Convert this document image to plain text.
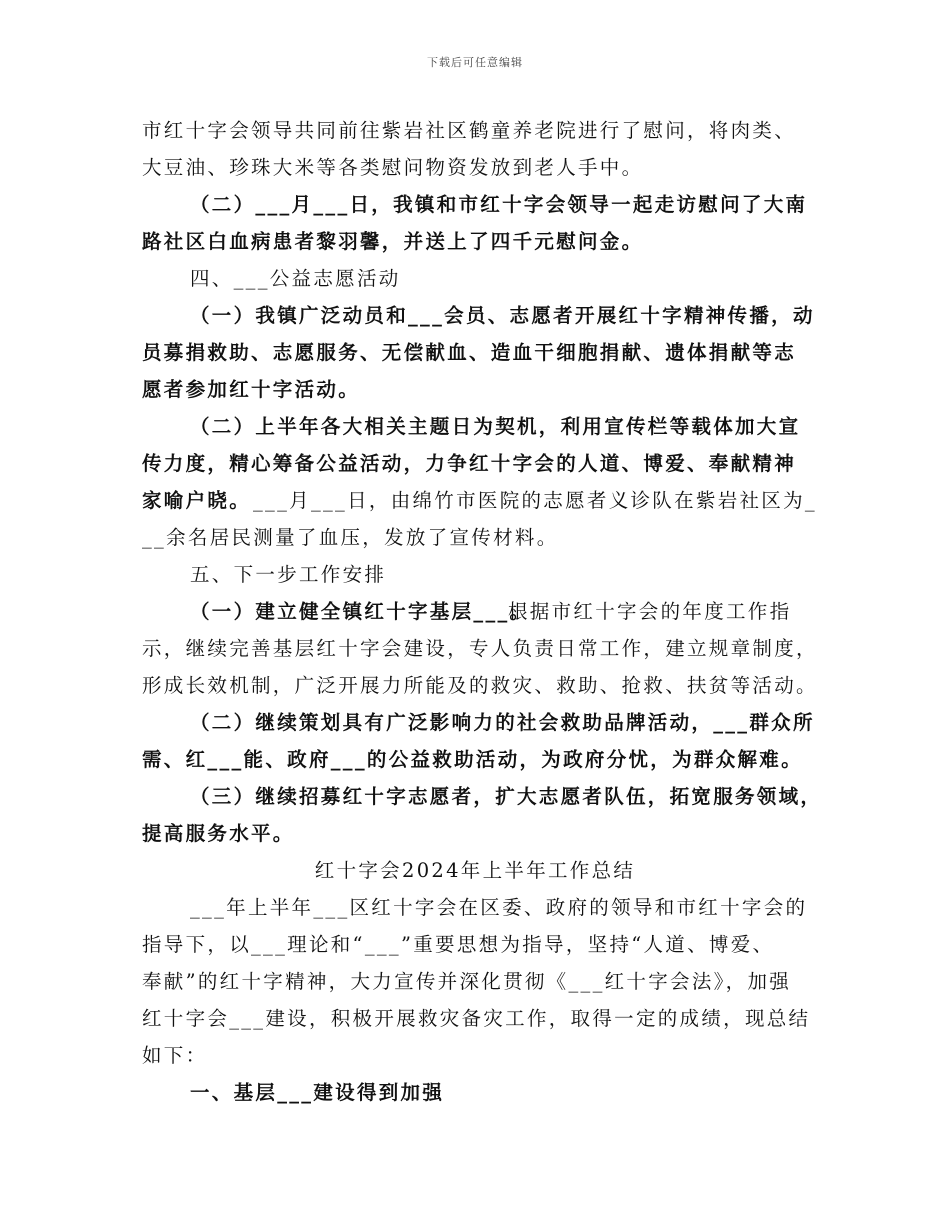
下载后可任意编辑

市红十字会领导共同前往紫岩社区鹤童养老院进行了慰问，将肉类、

大豆油、珍珠大米等各类慰问物资发放到老人手中。

（二）___月___日，我镇和市红十字会领导一起走访慰问了大南

路社区白血病患者黎羽馨，并送上了四千元慰问金。

四、___公益志愿活动

（一）我镇广泛动员和___会员、志愿者开展红十字精神传播，动

员募捐救助、志愿服务、无偿献血、造血干细胞捐献、遗体捐献等志

愿者参加红十字活动。

（二）上半年各大相关主题日为契机，利用宣传栏等载体加大宣

传力度，精心筹备公益活动，力争红十字会的人道、博爱、奉献精神

家喻户晓。 ___月___日，由绵竹市医院的志愿者义诊队在紫岩社区为_

__余名居民测量了血压，发放了宣传材料。

五、下一步工作安排

（一）建立健全镇红十字基层___。

根据市红十字会的年度工作指

示，继续完善基层红十字会建设，专人负责日常工作，建立规章制度，

形成长效机制，广泛开展力所能及的救灾、救助、抢救、扶贫等活动。

（二）继续策划具有广泛影响力的社会救助品牌活动，___群众所

需、红___能、政府___的公益救助活动，为政府分忧，为群众解难。

（三）继续招募红十字志愿者，扩大志愿者队伍，拓宽服务领域，

提高服务水平。

红十字会2024年上半年工作总结

___年上半年___区红十字会在区委、政府的领导和市红十字会的

指导下，以___理论和“___”重要思想为指导，坚持“人道、博爱、

奉献”的红十字精神，大力宣传并深化贯彻《___红十字会法》，加强

红十字会___建设，积极开展救灾备灾工作，取得一定的成绩，现总结

如下：

一、基层___建设得到加强
